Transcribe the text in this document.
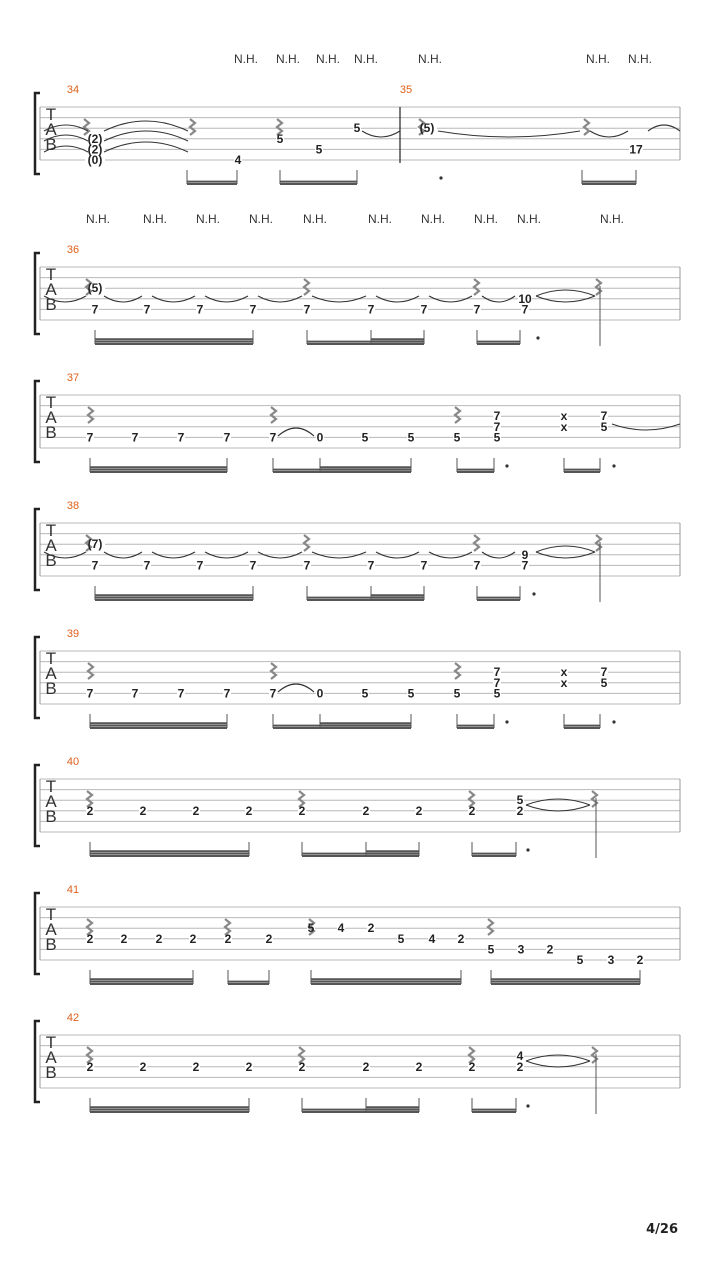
T
A
B
34
N.H. N.H. N.H. N.H.
(2)
(2)
(0)	4
5
5
5
35
N.H.	N.H. N.H.
(5)
17
T
A
B
36
N.H.	N.H. N.H. N.H.	N.H.	N.H. N.H. N.H. N.H.	N.H.
(5)
7	7	7	7	7	7	7	7	7
10
T
A
B
37
7	7	7	7	7	0	5	5
7
7
5	5
x
x
7
5
T
A
B
38
(7)
7	7	7	7	7	7	7	7	7
9
T
A
B
39
7	7	7	7	7	0	5	5
7
7
5	5
x
x
7
5
T
A
B
40
2	2	2	2	2	2	2	2
5
2
T
A
B
41
2 2 2 2 2	2
5 4 2
5 4 2
5 3 2
5 3 2
T
A
B
42
2	2	2	2	2	2	2	2
4
2
4/26
